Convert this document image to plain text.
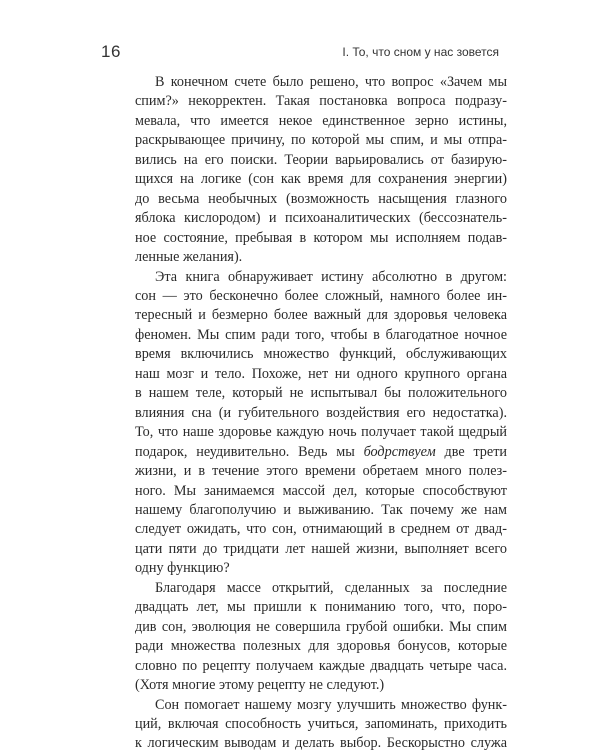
16	I. То, что сном у нас зовется
В конечном счете было решено, что вопрос «Зачем мы
спим?» некорректен. Такая постановка вопроса подразу-
мевала, что имеется некое единственное зерно истины,
раскрывающее причину, по которой мы спим, и мы отпра-
вились на его поиски. Теории варьировались от базирую-
щихся на логике (сон как время для сохранения энергии)
до весьма необычных (возможность насыщения глазного
яблока кислородом) и психоаналитических (бессознатель-
ное состояние, пребывая в котором мы исполняем подав-
ленные желания).
Эта книга обнаруживает истину абсолютно в другом:
сон — это бесконечно более сложный, намного более ин-
тересный и безмерно более важный для здоровья человека
феномен. Мы спим ради того, чтобы в благодатное ночное
время включились множество функций, обслуживающих
наш мозг и тело. Похоже, нет ни одного крупного органа
в нашем теле, который не испытывал бы положительного
влияния сна (и губительного воздействия его недостатка).
То, что наше здоровье каждую ночь получает такой щедрый
подарок, неудивительно. Ведь мы бодрствуем две трети
жизни, и в течение этого времени обретаем много полез-
ного. Мы занимаемся массой дел, которые способствуют
нашему благополучию и выживанию. Так почему же нам
следует ожидать, что сон, отнимающий в среднем от двад-
цати пяти до тридцати лет нашей жизни, выполняет всего
одну функцию?
Благодаря массе открытий, сделанных за последние
двадцать лет, мы пришли к пониманию того, что, поро-
див сон, эволюция не совершила грубой ошибки. Мы спим
ради множества полезных для здоровья бонусов, которые
словно по рецепту получаем каждые двадцать четыре часа.
(Хотя многие этому рецепту не следуют.)
Сон помогает нашему мозгу улучшить множество функ-
ций, включая способность учиться, запоминать, приходить
к логическим выводам и делать выбор. Бескорыстно служа
